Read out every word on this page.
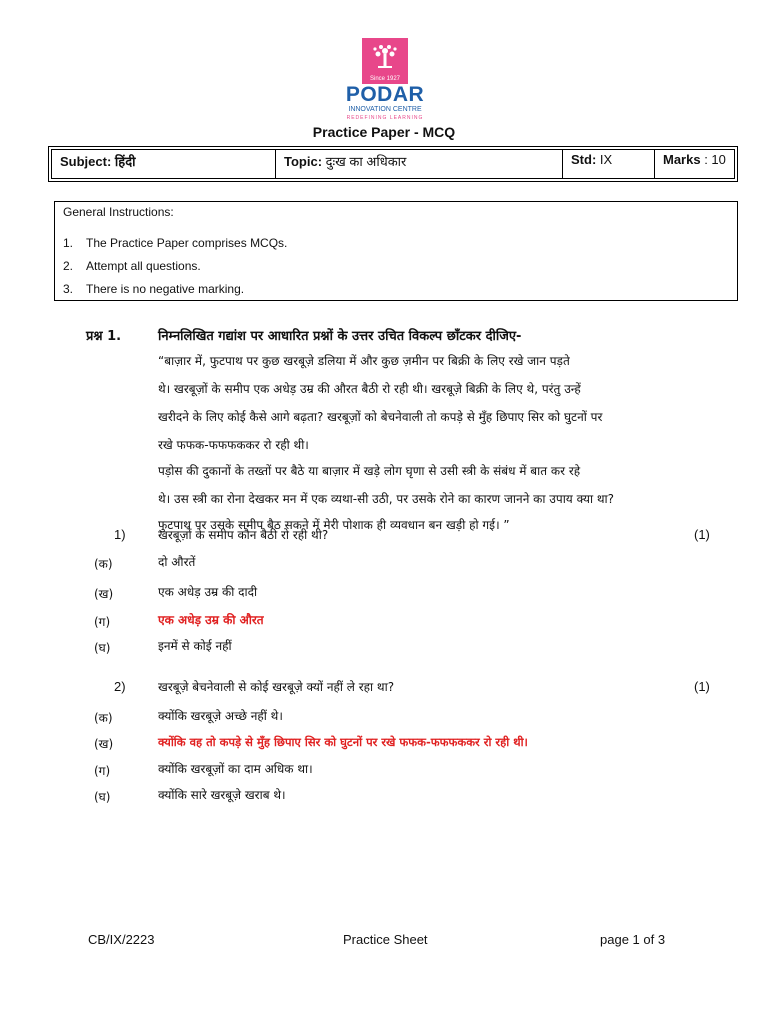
Since 1927
PODAR
INNOVATION CENTRE
REDEFINING LEARNING
Practice Paper - MCQ
Subject: हिंदी	Topic: दुःख का अधिकार	Std: IX	Marks : 10
General Instructions:
1. The Practice Paper comprises MCQs.
2. Attempt all questions.
3. There is no negative marking.
प्रश्न 1.	निम्नलिखित गद्यांश पर आधारित प्रश्नों के उत्तर उचित विकल्प छाँटकर दीजिए-
“बाज़ार में, फुटपाथ पर कुछ खरबूज़े डलिया में और कुछ ज़मीन पर बिक्री के लिए रखे जान पड़ते
थे। खरबूज़ों के समीप एक अधेड़ उम्र की औरत बैठी रो रही थी। खरबूज़े बिक्री के लिए थे, परंतु उन्हें
खरीदने के लिए कोई कैसे आगे बढ़ता? खरबूज़ों को बेचनेवाली तो कपड़े से मुँह छिपाए सिर को घुटनों पर
रखे फफक-फफफककर रो रही थी।
पड़ोस की दुकानों के तख्तों पर बैठे या बाज़ार में खड़े लोग घृणा से उसी स्त्री के संबंध में बात कर रहे
थे। उस स्त्री का रोना देखकर मन में एक व्यथा-सी उठी, पर उसके रोने का कारण जानने का उपाय क्या था?
फुटपाथ पर उसके समीप बैठ सकने में मेरी पोशाक ही व्यवधान बन खड़ी हो गई। ”
1)	खरबूज़ों के समीप कौन बैठी रो रही थी?	(1)
(क)	दो औरतें
(ख)	एक अधेड़ उम्र की दादी
(ग)	एक अधेड़ उम्र की औरत
(घ)	इनमें से कोई नहीं
2)	खरबूज़े बेचनेवाली से कोई खरबूज़े क्यों नहीं ले रहा था?	(1)
(क)	क्योंकि खरबूज़े अच्छे नहीं थे।
(ख)	क्योंकि वह तो कपड़े से मुँह छिपाए सिर को घुटनों पर रखे फफक-फफफककर रो रही थी।
(ग)	क्योंकि खरबूज़ों का दाम अधिक था।
(घ)	क्योंकि सारे खरबूज़े खराब थे।
CB/IX/2223	Practice Sheet	page 1 of 3
